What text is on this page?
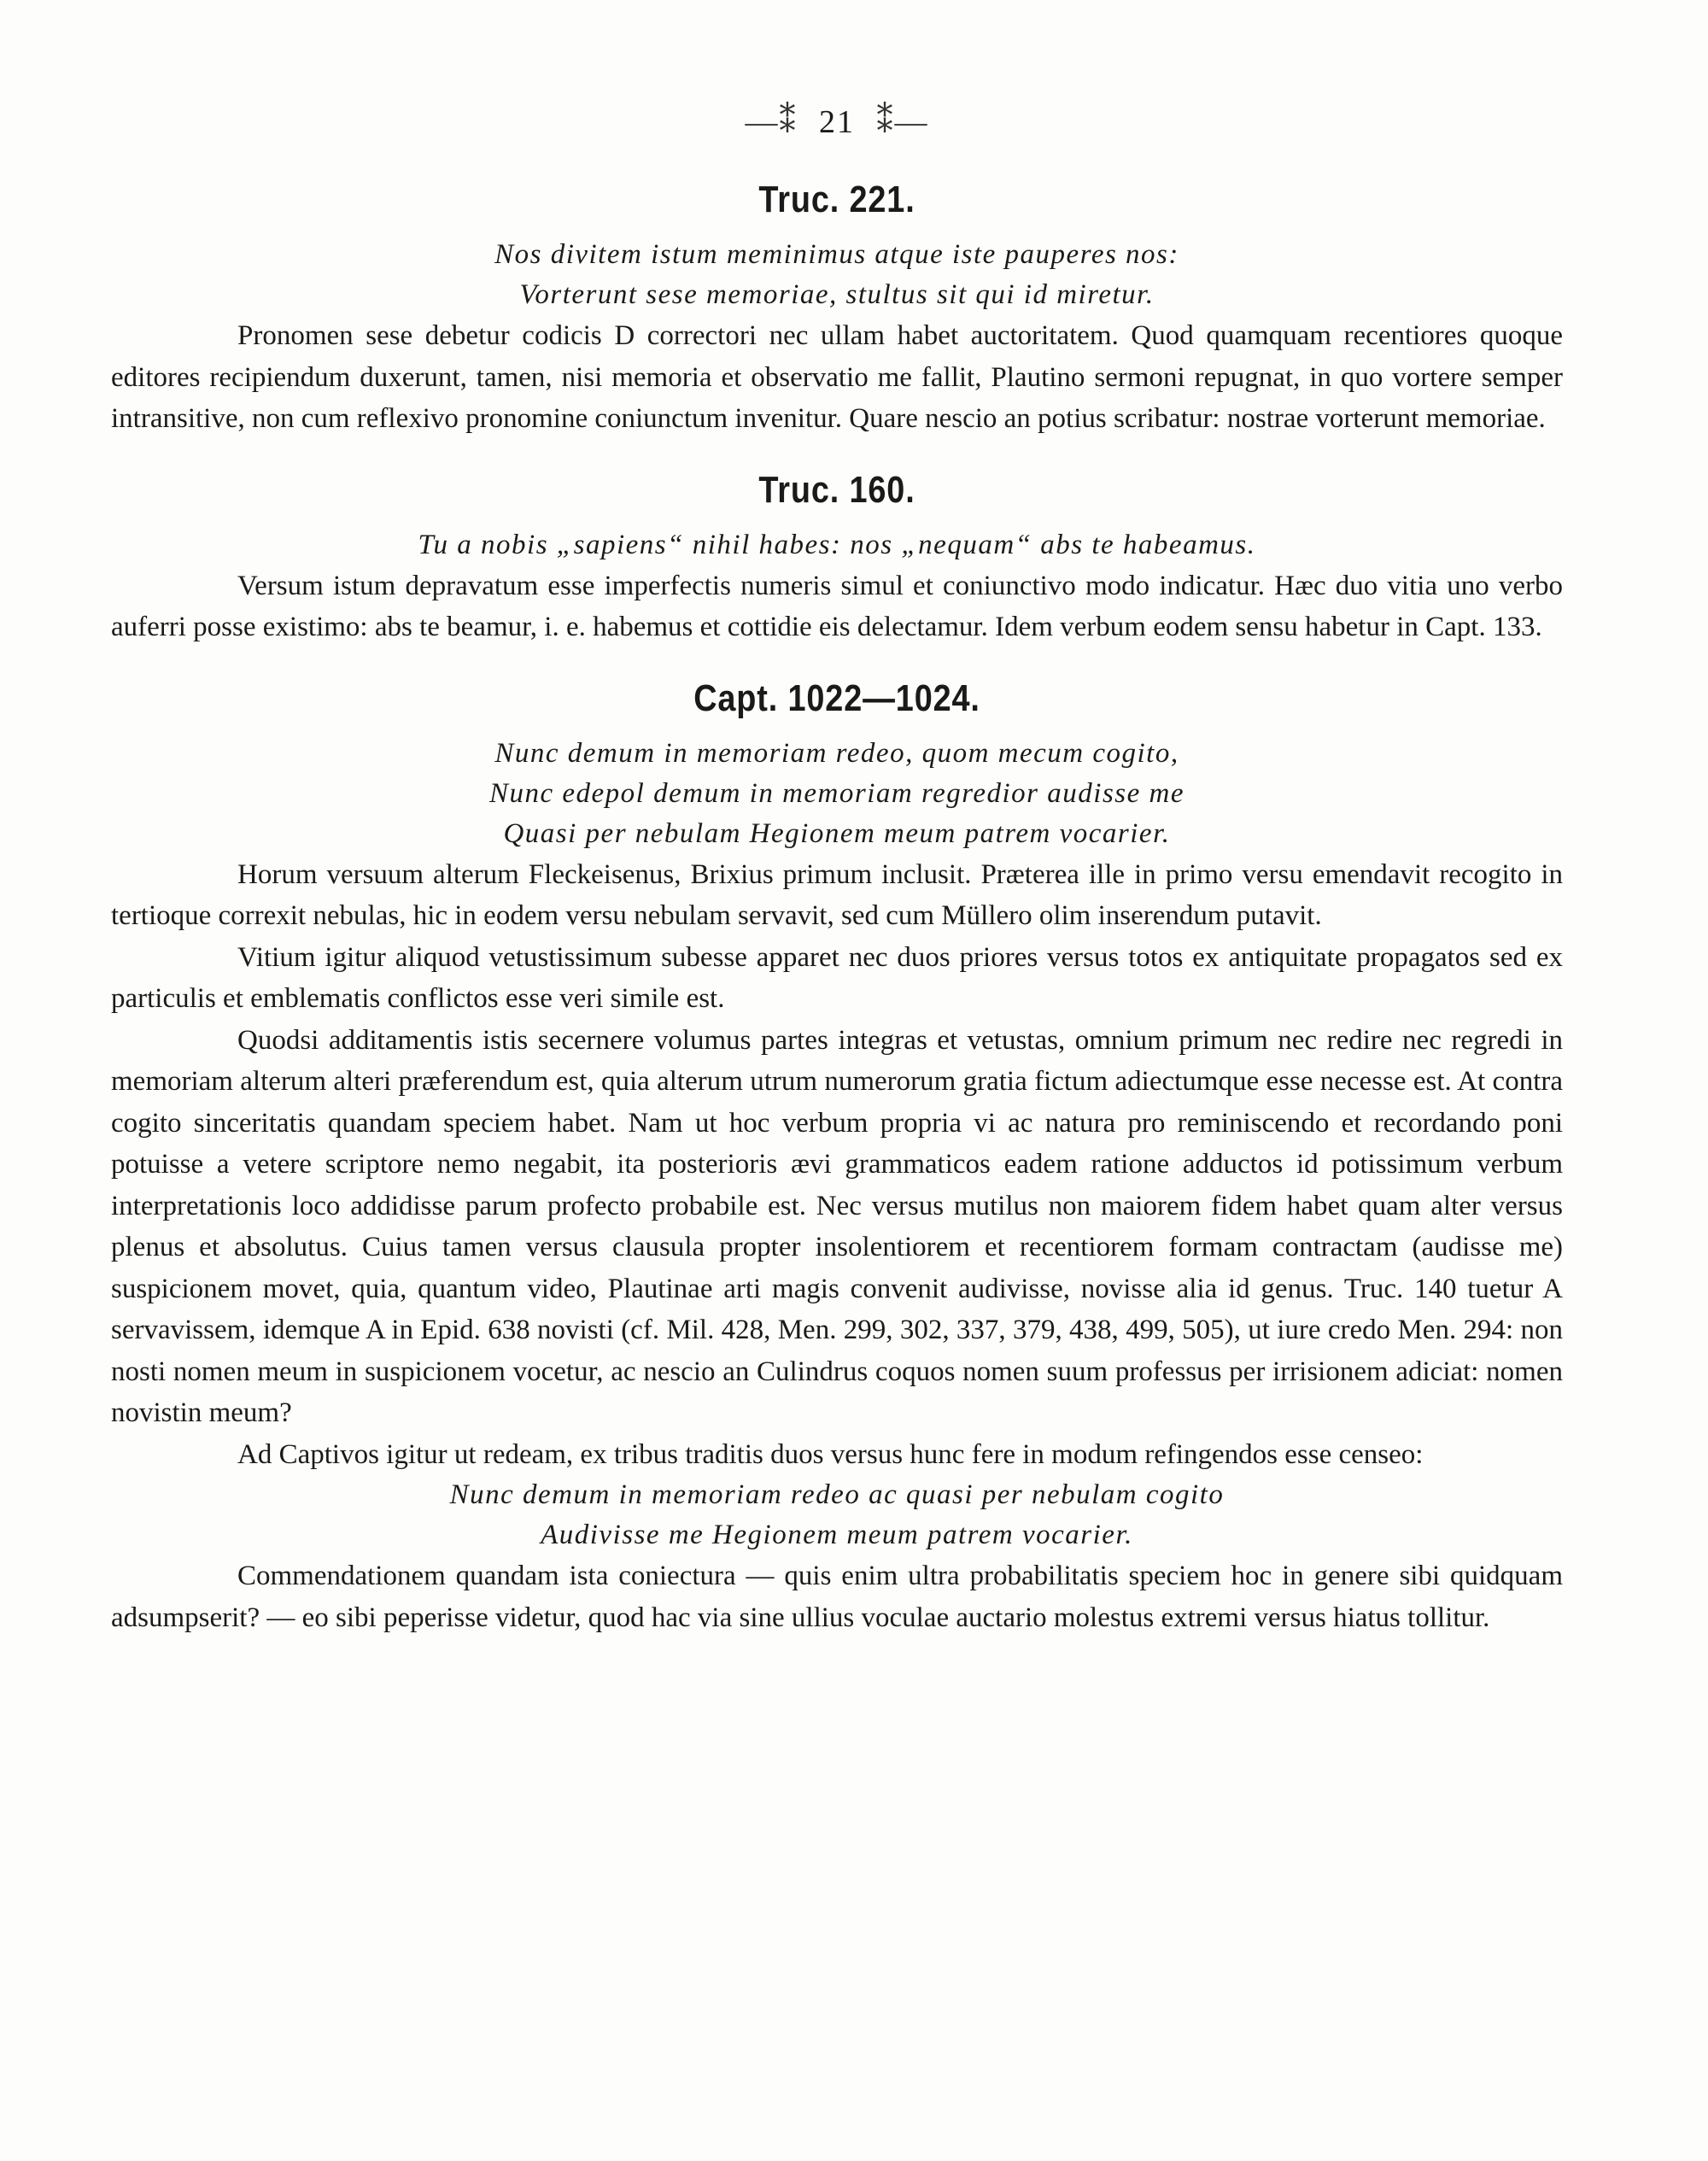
—⁑ 21 ⁑—
Truc. 221.

Nos divitem istum meminimus atque iste pauperes nos:

Vorterunt sese memoriae, stultus sit qui id miretur.

Pronomen sese debetur codicis D correctori nec ullam habet auctoritatem. Quod quamquam recentiores quoque editores recipiendum duxerunt, tamen, nisi memoria et observatio me fallit, Plautino sermoni repugnat, in quo vortere semper intransitive, non cum reflexivo pronomine coniunctum invenitur. Quare nescio an potius scribatur: nostrae vorterunt memoriae.

Truc. 160.

Tu a nobis „sapiens“ nihil habes: nos „nequam“ abs te habeamus.

Versum istum depravatum esse imperfectis numeris simul et coniunctivo modo indicatur. Hæc duo vitia uno verbo auferri posse existimo: abs te beamur, i. e. habemus et cottidie eis delectamur. Idem verbum eodem sensu habetur in Capt. 133.

Capt. 1022—1024.

Nunc demum in memoriam redeo, quom mecum cogito,

Nunc edepol demum in memoriam regredior audisse me

Quasi per nebulam Hegionem meum patrem vocarier.

Horum versuum alterum Fleckeisenus, Brixius primum inclusit. Præterea ille in primo versu emendavit recogito in tertioque correxit nebulas, hic in eodem versu nebulam servavit, sed cum Müllero olim inserendum putavit.

Vitium igitur aliquod vetustissimum subesse apparet nec duos priores versus totos ex antiquitate propagatos sed ex particulis et emblematis conflictos esse veri simile est.

Quodsi additamentis istis secernere volumus partes integras et vetustas, omnium primum nec redire nec regredi in memoriam alterum alteri præferendum est, quia alterum utrum numerorum gratia fictum adiectumque esse necesse est. At contra cogito sinceritatis quandam speciem habet. Nam ut hoc verbum propria vi ac natura pro reminiscendo et recordando poni potuisse a vetere scriptore nemo negabit, ita posterioris ævi grammaticos eadem ratione adductos id potissimum verbum interpretationis loco addidisse parum profecto probabile est. Nec versus mutilus non maiorem fidem habet quam alter versus plenus et absolutus. Cuius tamen versus clausula propter insolentiorem et recentiorem formam contractam (audisse me) suspicionem movet, quia, quantum video, Plautinae arti magis convenit audivisse, novisse alia id genus. Truc. 140 tuetur A servavissem, idemque A in Epid. 638 novisti (cf. Mil. 428, Men. 299, 302, 337, 379, 438, 499, 505), ut iure credo Men. 294: non nosti nomen meum in suspicionem vocetur, ac nescio an Culindrus coquos nomen suum professus per irrisionem adiciat: nomen novistin meum?

Ad Captivos igitur ut redeam, ex tribus traditis duos versus hunc fere in modum refingendos esse censeo:

Nunc demum in memoriam redeo ac quasi per nebulam cogito

Audivisse me Hegionem meum patrem vocarier.

Commendationem quandam ista coniectura — quis enim ultra probabilitatis speciem hoc in genere sibi quidquam adsumpserit? — eo sibi peperisse videtur, quod hac via sine ullius voculae auctario molestus extremi versus hiatus tollitur.
